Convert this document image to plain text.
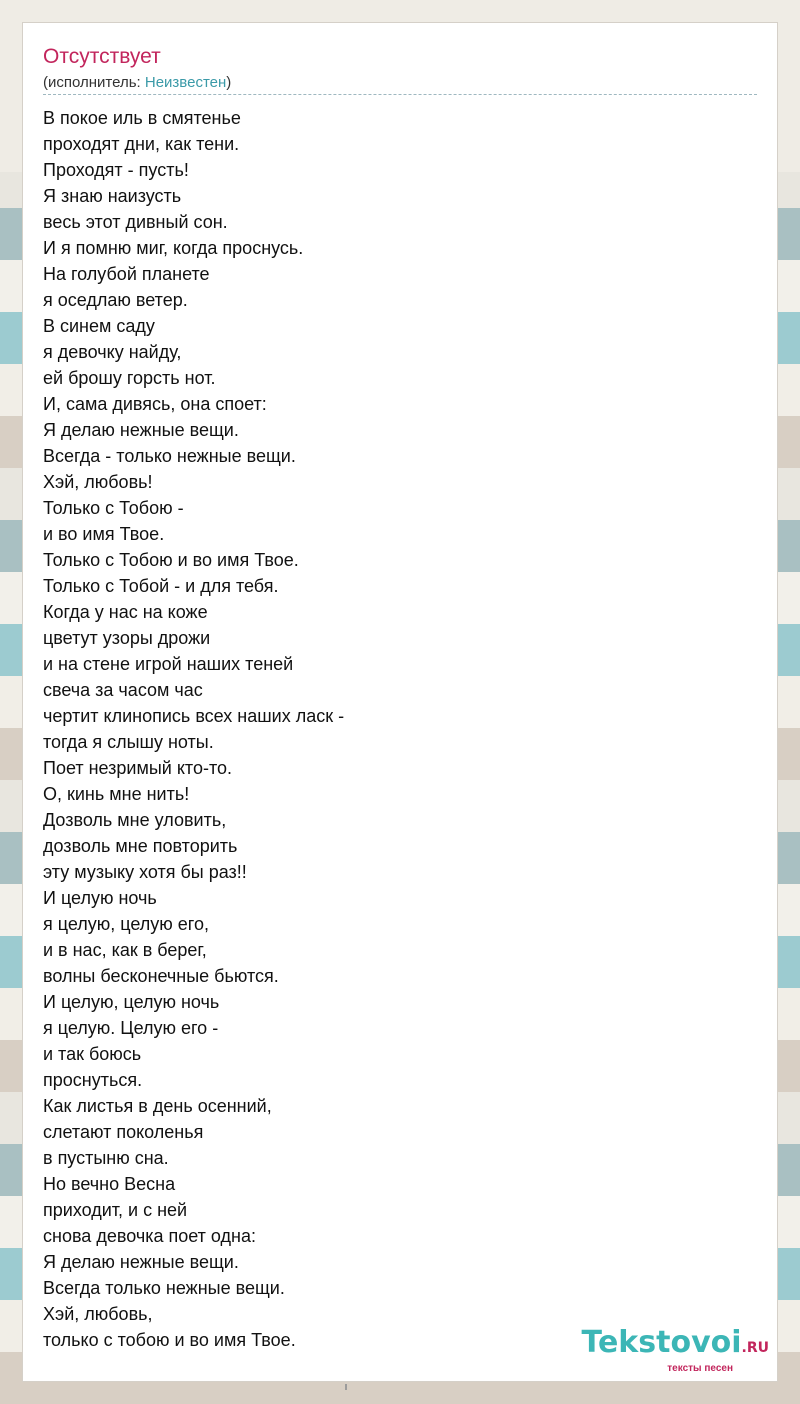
Отсутствует
(исполнитель: Неизвестен)
В покое иль в смятенье
проходят дни, как тени.
Проходят - пусть!
Я знаю наизусть
весь этот дивный сон.
И я помню миг, когда проснусь.
На голубой планете
я оседлаю ветер.
В синем саду
я девочку найду,
ей брошу горсть нот.
И, сама дивясь, она споет:
Я делаю нежные вещи.
Всегда - только нежные вещи.
Хэй, любовь!
Только с Тобою -
и во имя Твое.
Только с Тобою и во имя Твое.
Только с Тобой - и для тебя.
Когда у нас на коже
цветут узоры дрожи
и на стене игрой наших теней
свеча за часом час
чертит клинопись всех наших ласк -
тогда я слышу ноты.
Поет незримый кто-то.
О, кинь мне нить!
Дозволь мне уловить,
дозволь мне повторить
эту музыку хотя бы раз!!
И целую ночь
я целую, целую его,
и в нас, как в берег,
волны бесконечные бьются.
И целую, целую ночь
я целую. Целую его -
и так боюсь
проснуться.
Как листья в день осенний,
слетают поколенья
в пустыню сна.
Но вечно Весна
приходит, и с ней
снова девочка поет одна:
Я делаю нежные вещи.
Всегда только нежные вещи.
Хэй, любовь,
только с тобою и во имя Твое.	Tekstovoi.RU
тексты песен
